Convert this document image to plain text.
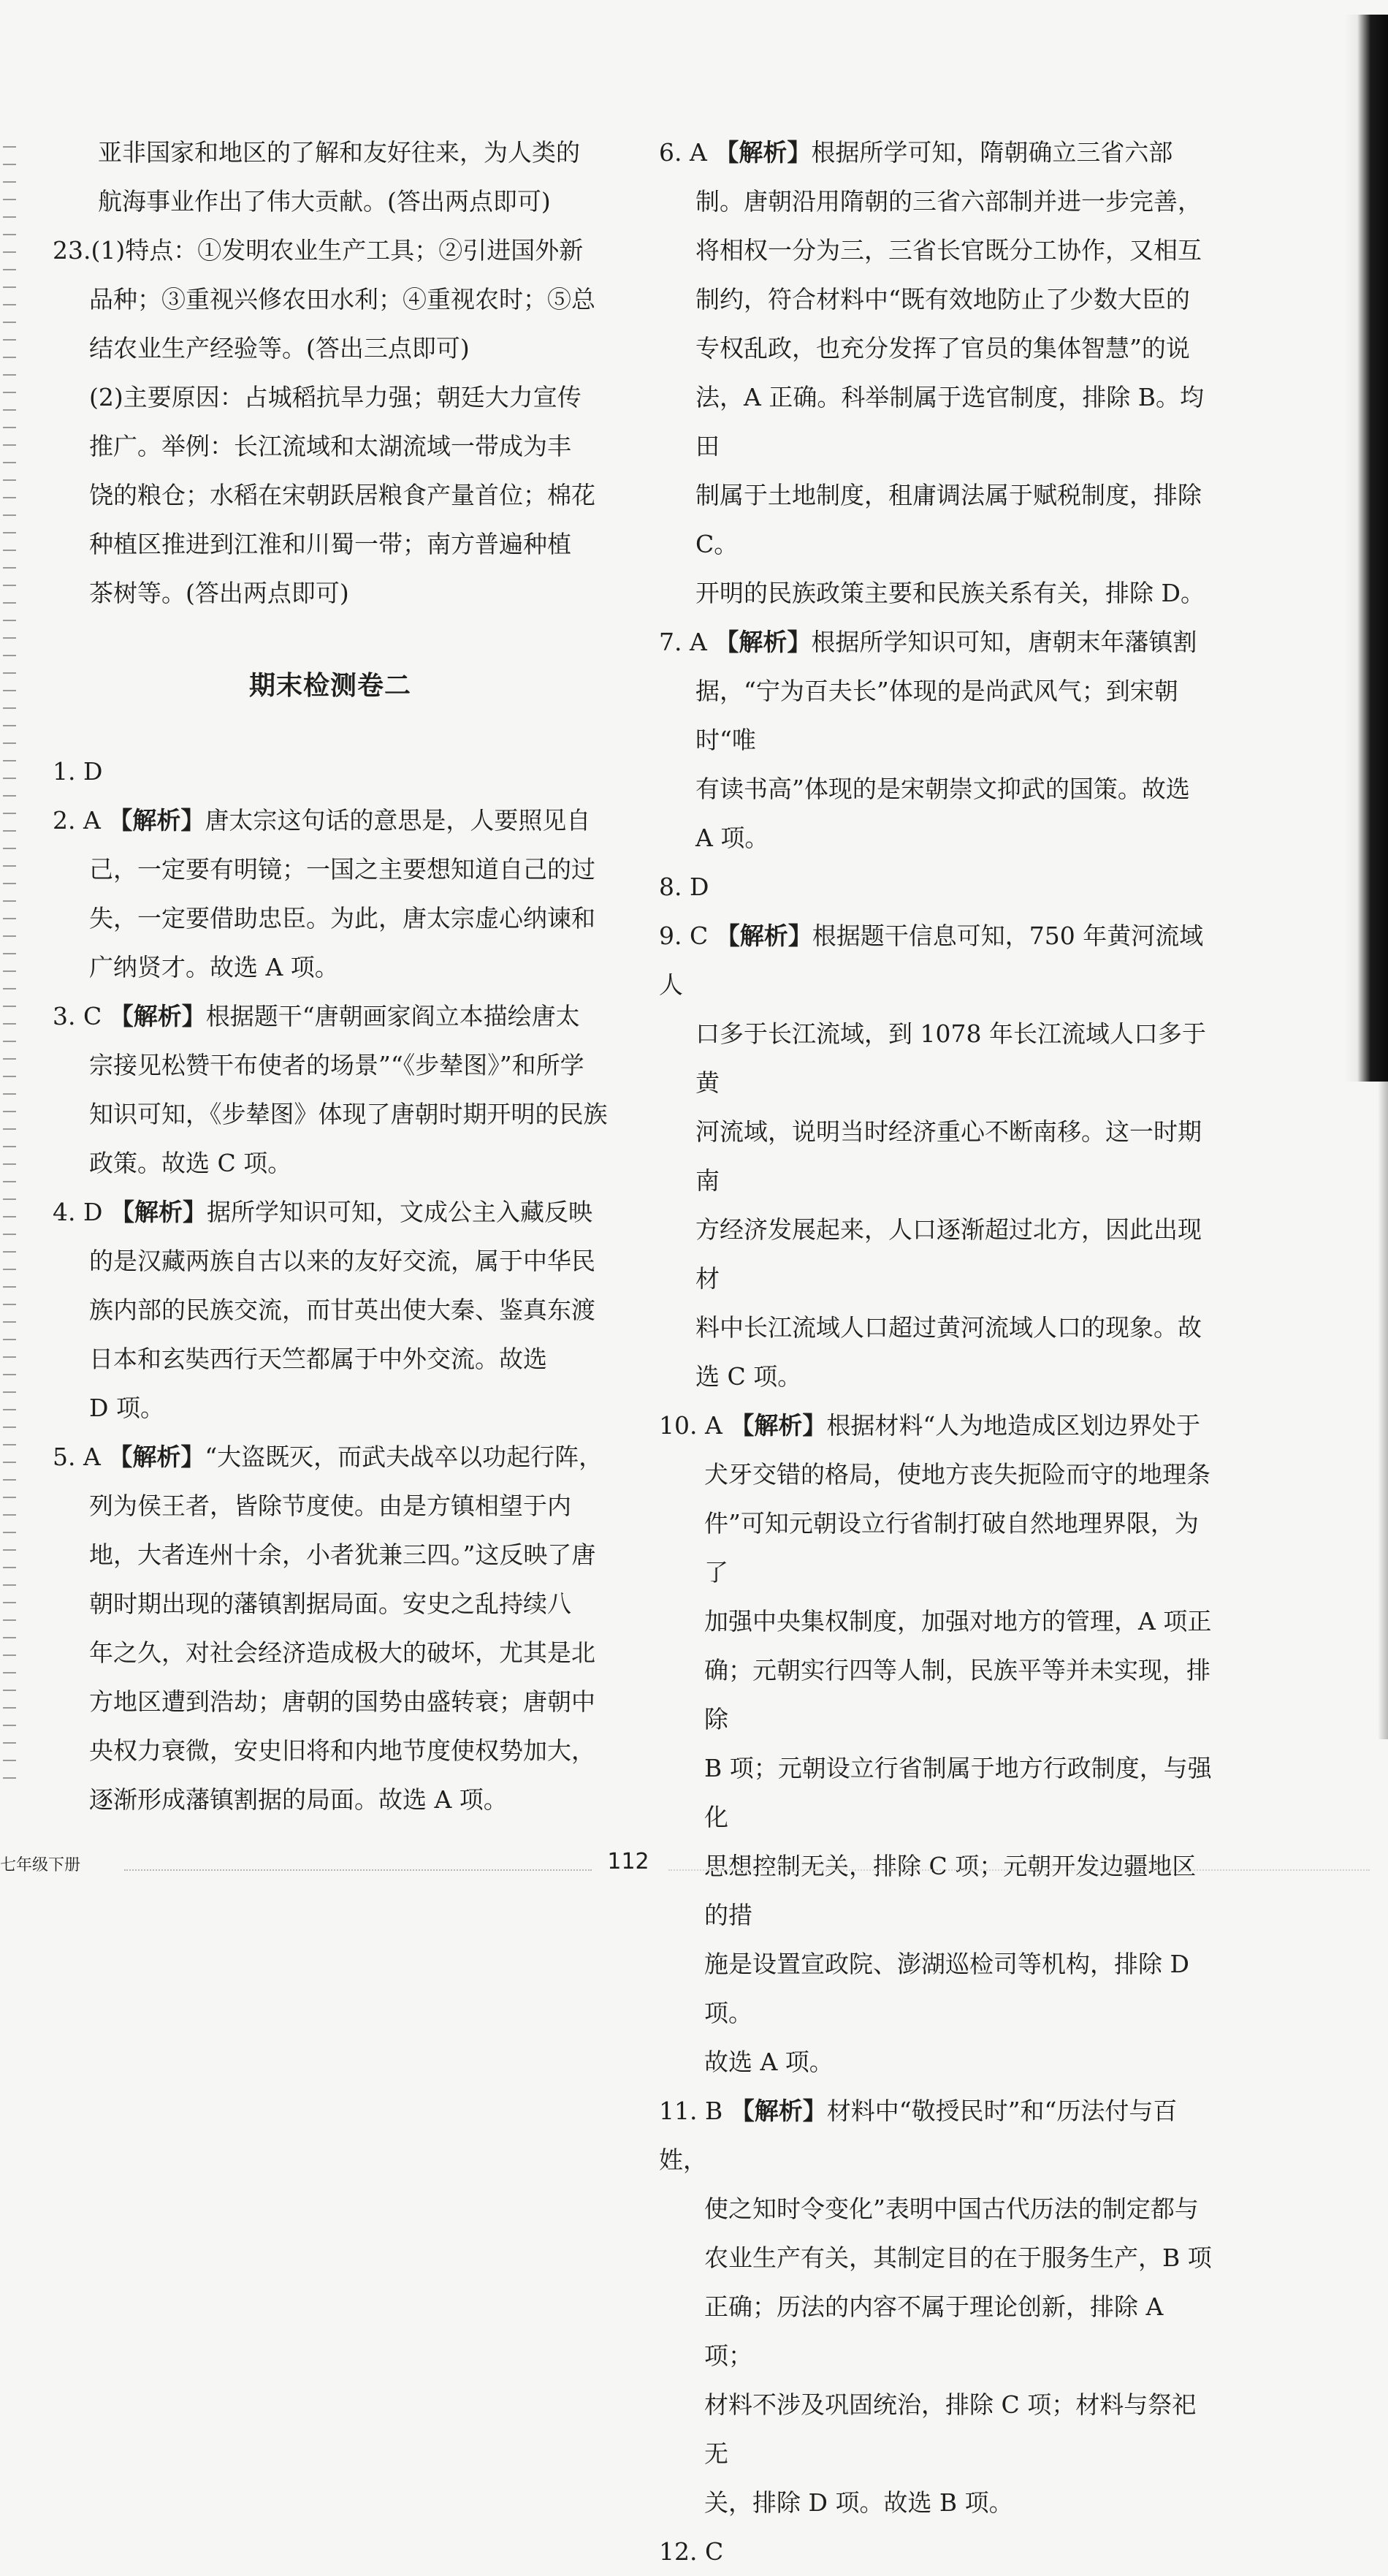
亚非国家和地区的了解和友好往来，为人类的

航海事业作出了伟大贡献。(答出两点即可)

23.(1)特点：①发明农业生产工具；②引进国外新

品种；③重视兴修农田水利；④重视农时；⑤总

结农业生产经验等。(答出三点即可)

(2)主要原因：占城稻抗旱力强；朝廷大力宣传

推广。举例：长江流域和太湖流域一带成为丰

饶的粮仓；水稻在宋朝跃居粮食产量首位；棉花

种植区推进到江淮和川蜀一带；南方普遍种植

茶树等。(答出两点即可)

期末检测卷二

1. D

2. A 【解析】唐太宗这句话的意思是，人要照见自

己，一定要有明镜；一国之主要想知道自己的过

失，一定要借助忠臣。为此，唐太宗虚心纳谏和

广纳贤才。故选 A 项。

3. C 【解析】根据题干“唐朝画家阎立本描绘唐太

宗接见松赞干布使者的场景”“《步辇图》”和所学

知识可知，《步辇图》体现了唐朝时期开明的民族

政策。故选 C 项。

4. D 【解析】据所学知识可知，文成公主入藏反映

的是汉藏两族自古以来的友好交流，属于中华民

族内部的民族交流，而甘英出使大秦、鉴真东渡

日本和玄奘西行天竺都属于中外交流。故选

D 项。

5. A 【解析】“大盗既灭，而武夫战卒以功起行阵，

列为侯王者，皆除节度使。由是方镇相望于内

地，大者连州十余，小者犹兼三四。”这反映了唐

朝时期出现的藩镇割据局面。安史之乱持续八

年之久，对社会经济造成极大的破坏，尤其是北

方地区遭到浩劫；唐朝的国势由盛转衰；唐朝中

央权力衰微，安史旧将和内地节度使权势加大，

逐渐形成藩镇割据的局面。故选 A 项。

6. A 【解析】根据所学可知，隋朝确立三省六部

制。唐朝沿用隋朝的三省六部制并进一步完善，

将相权一分为三，三省长官既分工协作，又相互

制约，符合材料中“既有效地防止了少数大臣的

专权乱政，也充分发挥了官员的集体智慧”的说

法，A 正确。科举制属于选官制度，排除 B。均田

制属于土地制度，租庸调法属于赋税制度，排除 C。

开明的民族政策主要和民族关系有关，排除 D。

7. A 【解析】根据所学知识可知，唐朝末年藩镇割

据，“宁为百夫长”体现的是尚武风气；到宋朝时“唯

有读书高”体现的是宋朝崇文抑武的国策。故选

A 项。

8. D

9. C 【解析】根据题干信息可知，750 年黄河流域人

口多于长江流域，到 1078 年长江流域人口多于黄

河流域，说明当时经济重心不断南移。这一时期南

方经济发展起来，人口逐渐超过北方，因此出现材

料中长江流域人口超过黄河流域人口的现象。故

选 C 项。

10. A 【解析】根据材料“人为地造成区划边界处于

犬牙交错的格局，使地方丧失扼险而守的地理条

件”可知元朝设立行省制打破自然地理界限，为了

加强中央集权制度，加强对地方的管理，A 项正

确；元朝实行四等人制，民族平等并未实现，排除

B 项；元朝设立行省制属于地方行政制度，与强化

思想控制无关，排除 C 项；元朝开发边疆地区的措

施是设置宣政院、澎湖巡检司等机构，排除 D 项。

故选 A 项。

11. B 【解析】材料中“敬授民时”和“历法付与百姓，

使之知时令变化”表明中国古代历法的制定都与

农业生产有关，其制定目的在于服务生产，B 项

正确；历法的内容不属于理论创新，排除 A 项；

材料不涉及巩固统治，排除 C 项；材料与祭祀无

关，排除 D 项。故选 B 项。

12. C

七年级下册	112
